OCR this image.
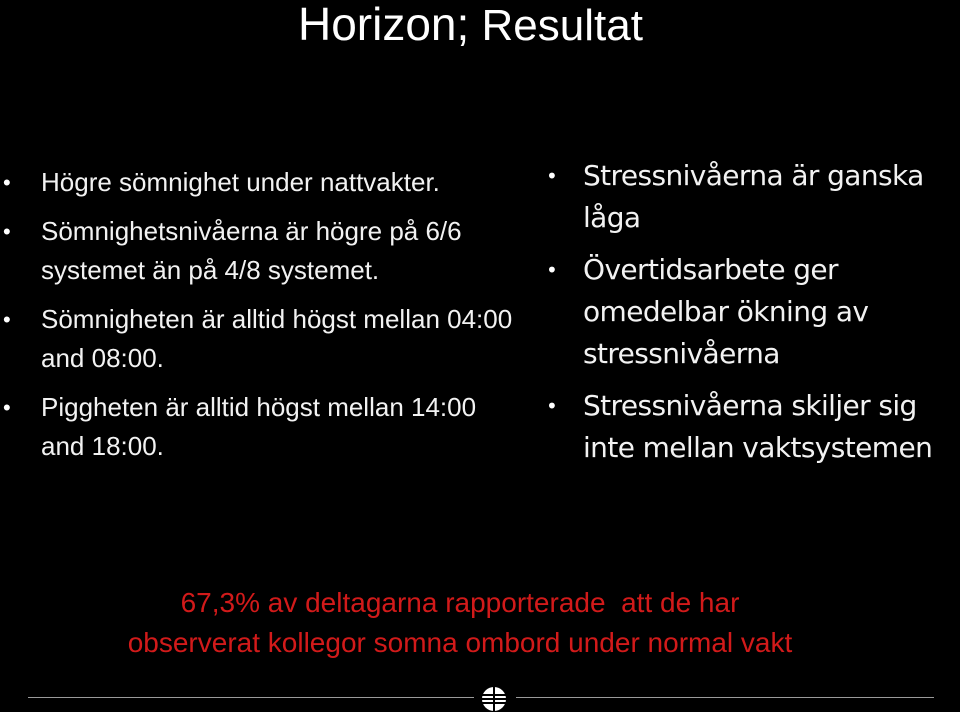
Horizon; Resultat
• Högre sömnighet under nattvakter.
• Sömnighetsnivåerna är högre på 6/6 systemet än på 4/8 systemet.
• Sömnigheten är alltid högst mellan 04:00 and 08:00.
• Piggheten är alltid högst mellan 14:00 and 18:00.
• Stressnivåerna är ganska låga
• Övertidsarbete ger omedelbar ökning av stressnivåerna
• Stressnivåerna skiljer sig inte mellan vaktsystemen
67,3% av deltagarna rapporterade  att de har
observerat kollegor somna ombord under normal vakt
